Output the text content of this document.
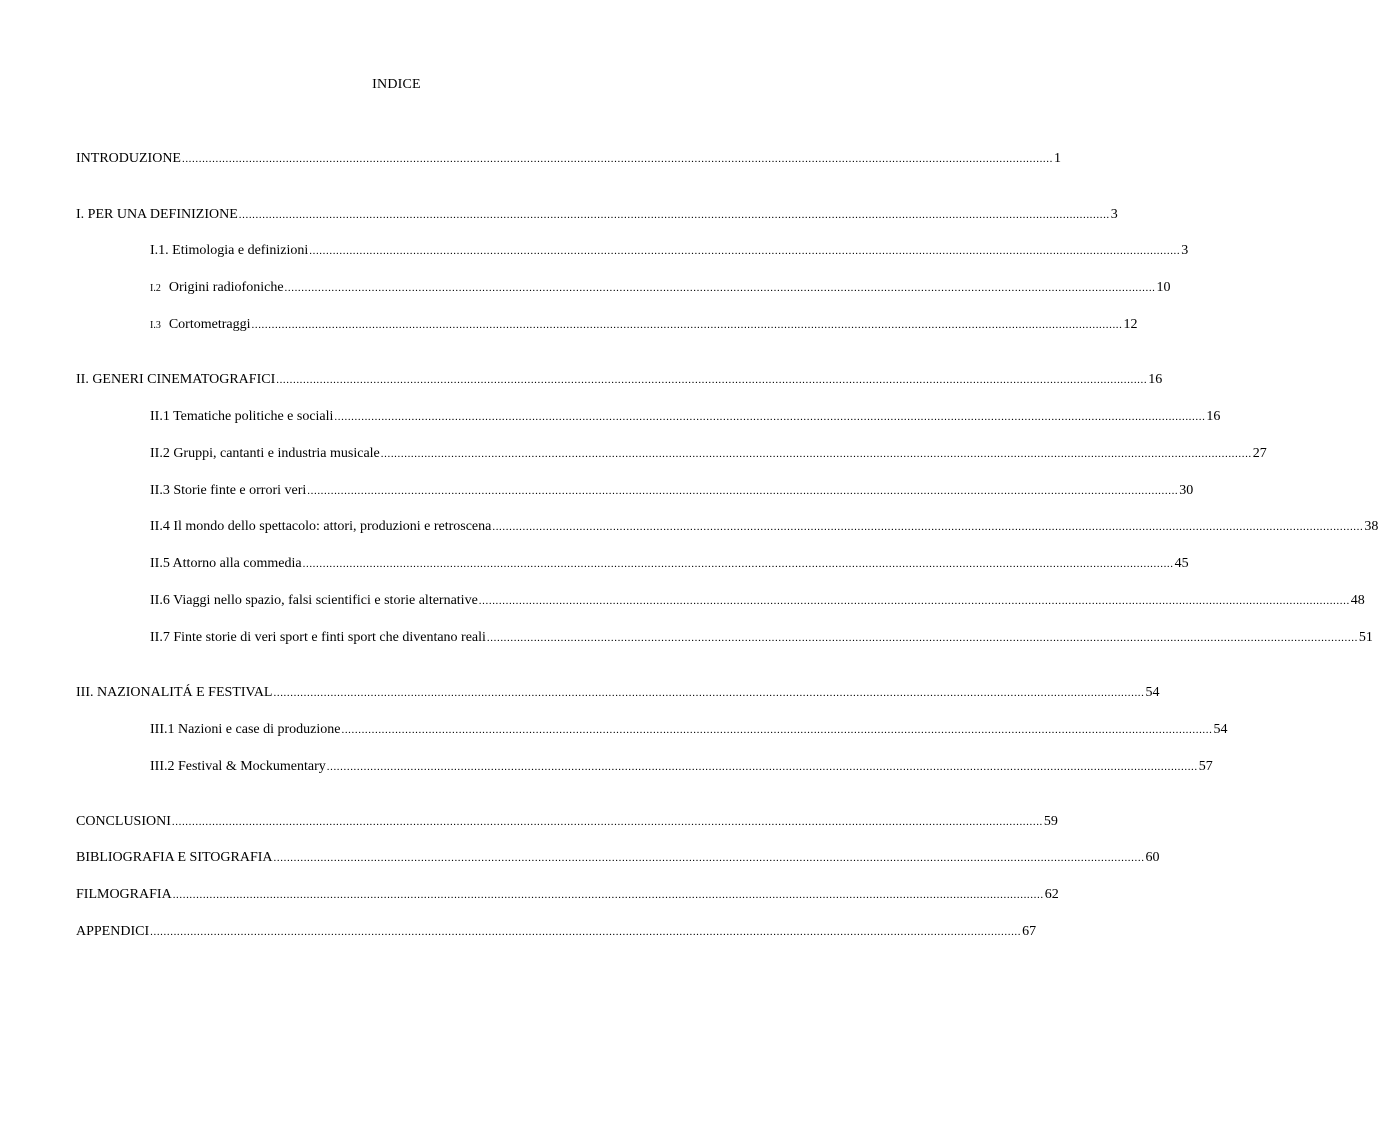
INDICE
INTRODUZIONE .................................................................................................................................................................................................................................................................... 1
I. PER UNA DEFINIZIONE .................................................................................................................................................................................................................................................................... 3
I.1. Etimologia e definizioni .................................................................................................................................................................................................................................................................... 3
I.2 Origini radiofoniche .................................................................................................................................................................................................................................................................... 10
I.3 Cortometraggi .................................................................................................................................................................................................................................................................... 12
II. GENERI CINEMATOGRAFICI .................................................................................................................................................................................................................................................................... 16
II.1 Tematiche politiche e sociali .................................................................................................................................................................................................................................................................... 16
II.2 Gruppi, cantanti e industria musicale .................................................................................................................................................................................................................................................................... 27
II.3 Storie finte e orrori veri .................................................................................................................................................................................................................................................................... 30
II.4 Il mondo dello spettacolo: attori, produzioni e retroscena .................................................................................................................................................................................................................................................................... 38
II.5 Attorno alla commedia .................................................................................................................................................................................................................................................................... 45
II.6 Viaggi nello spazio, falsi scientifici e storie alternative .................................................................................................................................................................................................................................................................... 48
II.7 Finte storie di veri sport e finti sport che diventano reali .................................................................................................................................................................................................................................................................... 51
III. NAZIONALITÁ E FESTIVAL .................................................................................................................................................................................................................................................................... 54
III.1 Nazioni e case di produzione .................................................................................................................................................................................................................................................................... 54
III.2 Festival & Mockumentary .................................................................................................................................................................................................................................................................... 57
CONCLUSIONI .................................................................................................................................................................................................................................................................... 59
BIBLIOGRAFIA E SITOGRAFIA .................................................................................................................................................................................................................................................................... 60
FILMOGRAFIA .................................................................................................................................................................................................................................................................... 62
APPENDICI .................................................................................................................................................................................................................................................................... 67
